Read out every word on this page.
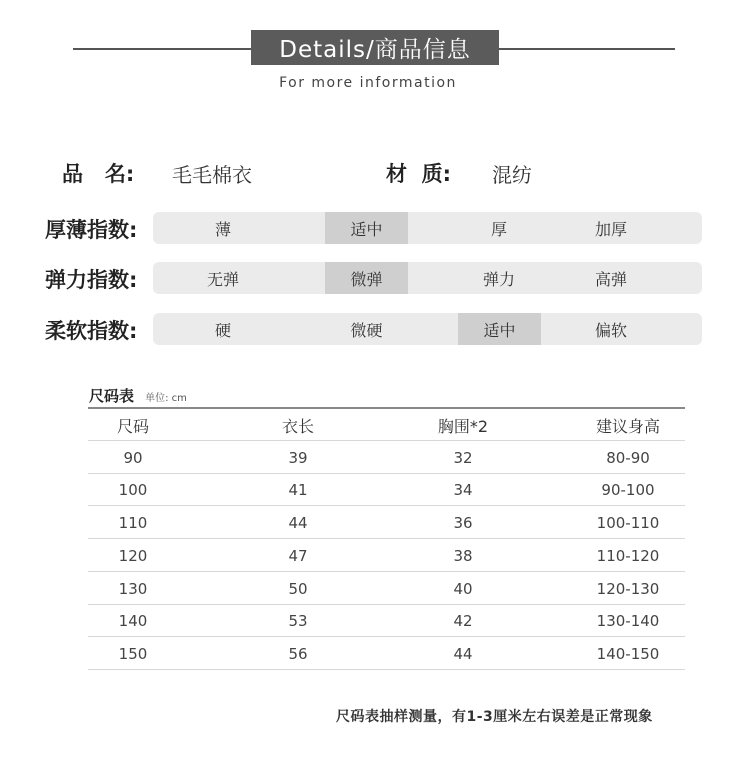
Details/商品信息
For more information
品   名: 毛毛棉衣	材  质: 混纺
厚薄指数:	薄	适中	厚	加厚
弹力指数:	无弹	微弹	弹力	高弹
柔软指数:	硬	微硬	适中	偏软
尺码表 单位: cm
尺码	衣长	胸围*2	建议身高
90	39	32	80-90
100	41	34	90-100
110	44	36	100-110
120	47	38	110-120
130	50	40	120-130
140	53	42	130-140
150	56	44	140-150
尺码表抽样测量，有1-3厘米左右误差是正常现象
